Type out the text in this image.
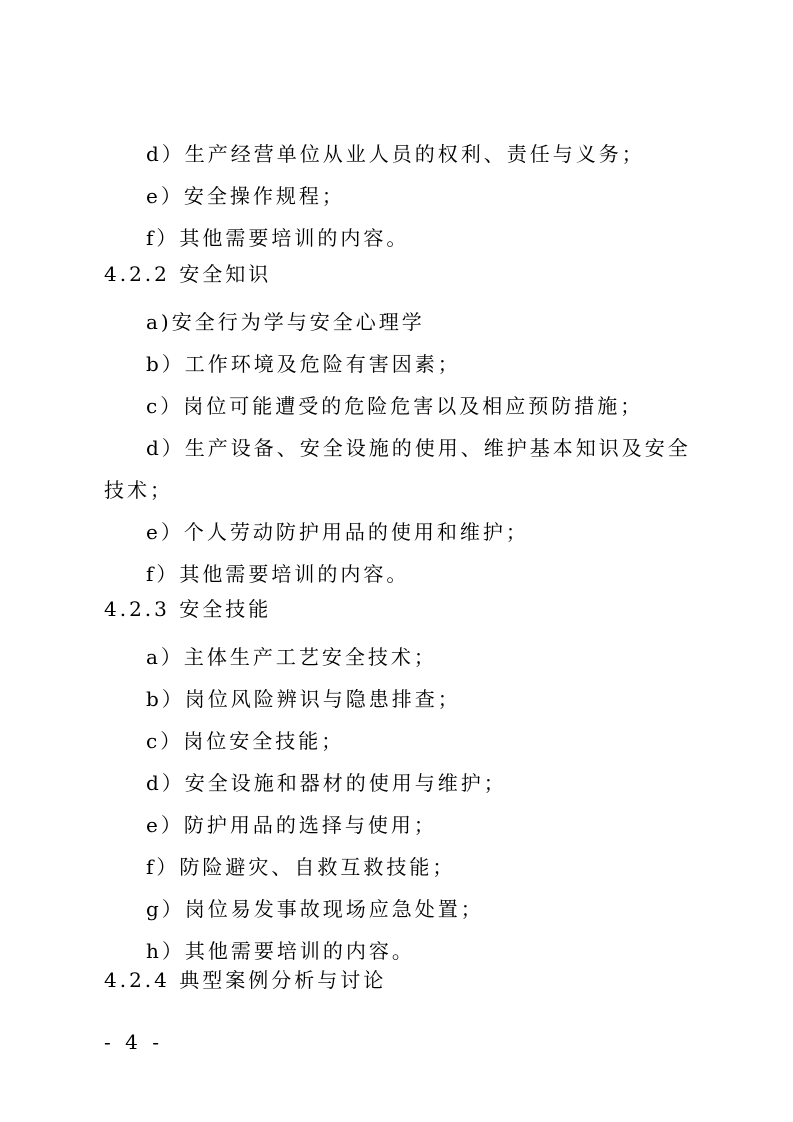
d）生产经营单位从业人员的权利、责任与义务；
e）安全操作规程；
f）其他需要培训的内容。
4.2.2 安全知识
a)安全行为学与安全心理学
b）工作环境及危险有害因素；
c）岗位可能遭受的危险危害以及相应预防措施；
d）生产设备、安全设施的使用、维护基本知识及安全
技术；
e）个人劳动防护用品的使用和维护；
f）其他需要培训的内容。
4.2.3 安全技能
a）主体生产工艺安全技术；
b）岗位风险辨识与隐患排查；
c）岗位安全技能；
d）安全设施和器材的使用与维护；
e）防护用品的选择与使用；
f）防险避灾、自救互救技能；
g）岗位易发事故现场应急处置；
h）其他需要培训的内容。
4.2.4 典型案例分析与讨论
- 4 -
